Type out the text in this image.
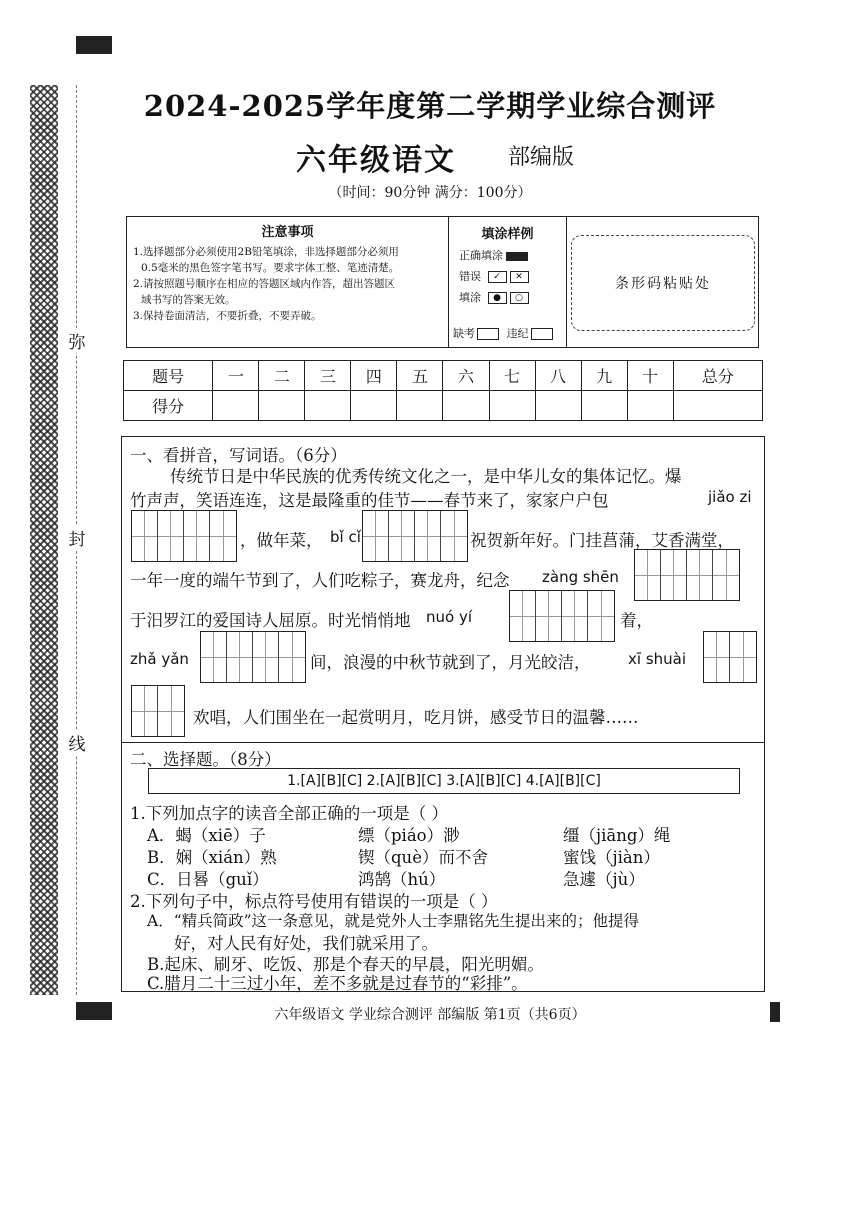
弥
封
线
2024-2025学年度第二学期学业综合测评
六年级语文 部编版
（时间：90分钟 满分：100分）
注意事项
1.选择题部分必须使用2B铅笔填涂，非选择题部分必须用
0.5毫米的黑色签字笔书写。要求字体工整、笔迹清楚。
2.请按照题号顺序在相应的答题区域内作答，超出答题区
域书写的答案无效。
3.保持卷面清洁，不要折叠，不要弄破。
填涂样例
正确填涂
错误 ✓ ✕
填涂 ● ○
缺考	违纪
条形码粘贴处
题号	一	二	三	四	五	六	七	八	九	十	总分
得分											
一、看拼音，写词语。（6分）
传统节日是中华民族的优秀传统文化之一，是中华儿女的集体记忆。爆
竹声声，笑语连连，这是最隆重的佳节——春节来了，家家户户包	jiǎo zi
，做年菜， bǐ cǐ	祝贺新年好。门挂菖蒲，艾香满堂，
一年一度的端午节到了，人们吃粽子，赛龙舟，纪念 zàng shēn
于汨罗江的爱国诗人屈原。时光悄悄地 nuó yí	着，
zhǎ yǎn	间，浪漫的中秋节就到了，月光皎洁，	xī shuài
欢唱，人们围坐在一起赏明月，吃月饼，感受节日的温馨……
二、选择题。（8分）
1.[A][B][C] 2.[A][B][C] 3.[A][B][C] 4.[A][B][C]
1.下列加点字的读音全部正确的一项是（ ）
A．蝎（xiē）子	缥（piáo）渺	缰（jiāng）绳
B．娴（xián）熟	锲（què）而不舍	蜜饯（jiàn）
C．日晷（guǐ）	鸿鹄（hú）	急遽（jù）
2.下列句子中，标点符号使用有错误的一项是（ ）
A．“精兵简政”这一条意见，就是党外人士李鼎铭先生提出来的；他提得
好，对人民有好处，我们就采用了。
B.起床、刷牙、吃饭、那是个春天的早晨，阳光明媚。
C.腊月二十三过小年，差不多就是过春节的“彩排”。
六年级语文 学业综合测评 部编版 第1页（共6页）
